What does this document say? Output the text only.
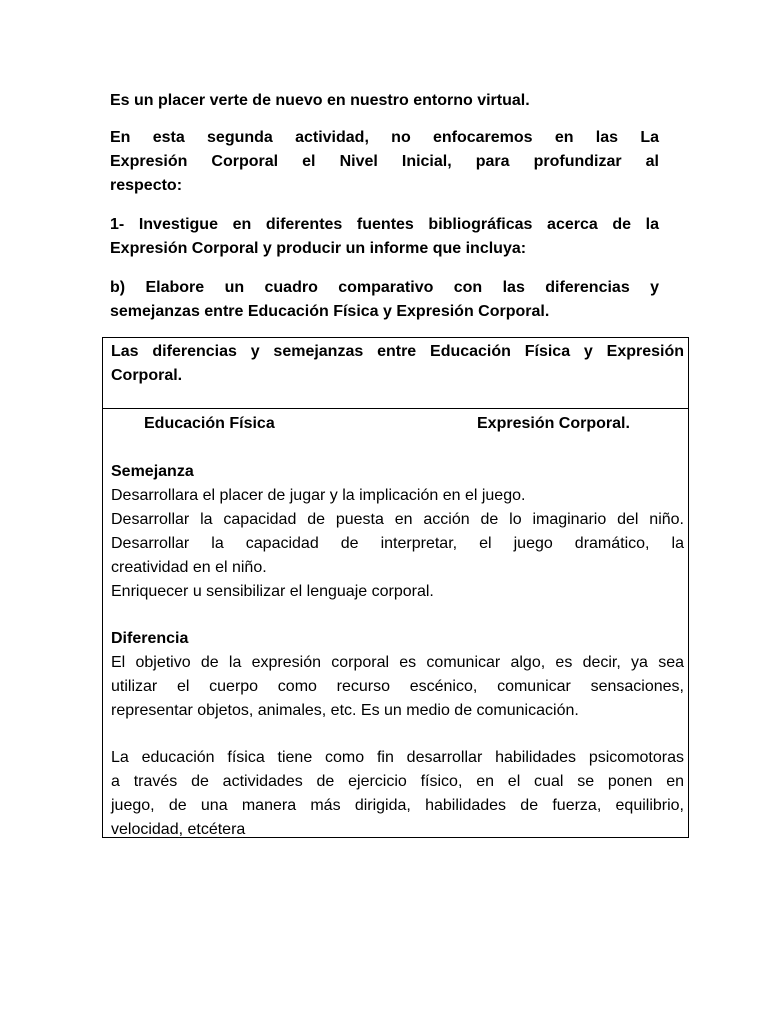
Es un placer verte de nuevo en nuestro entorno virtual.

En esta segunda actividad, no enfocaremos en las La
Expresión Corporal el Nivel Inicial, para profundizar al
respecto:

1- Investigue en diferentes fuentes bibliográficas acerca de la
Expresión Corporal y producir un informe que incluya:

b) Elabore un cuadro comparativo con las diferencias y
semejanzas entre Educación Física y Expresión Corporal.

Las diferencias y semejanzas entre Educación Física y Expresión
Corporal.

Educación Física	Expresión Corporal.

Semejanza

Desarrollara el placer de jugar y la implicación en el juego.
Desarrollar la capacidad de puesta en acción de lo imaginario del niño.
Desarrollar la capacidad de interpretar, el juego dramático, la
creatividad en el niño.
Enriquecer u sensibilizar el lenguaje corporal.

Diferencia

El objetivo de la expresión corporal es comunicar algo, es decir, ya sea
utilizar el cuerpo como recurso escénico, comunicar sensaciones,
representar objetos, animales, etc. Es un medio de comunicación.

La educación física tiene como fin desarrollar habilidades psicomotoras
a través de actividades de ejercicio físico, en el cual se ponen en
juego, de una manera más dirigida, habilidades de fuerza, equilibrio,
velocidad, etcétera
